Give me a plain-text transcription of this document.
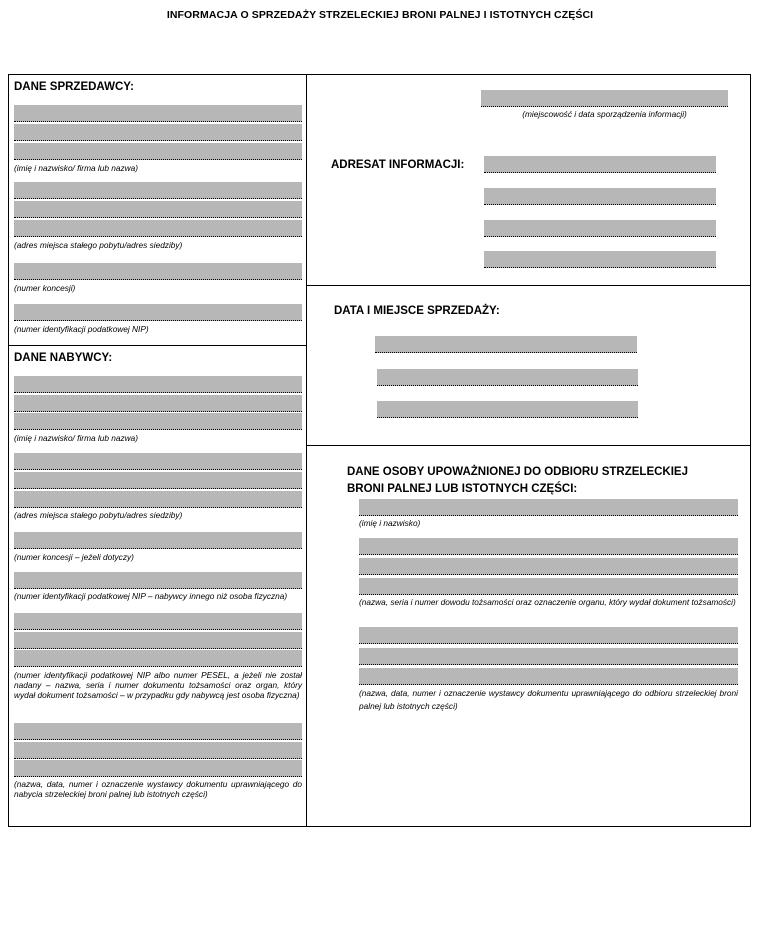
INFORMACJA O SPRZEDAŻY STRZELECKIEJ BRONI PALNEJ I ISTOTNYCH CZĘŚCI
DANE SPRZEDAWCY:
(imię i nazwisko/ firma lub nazwa)
(adres miejsca stałego pobytu/adres siedziby)
(numer koncesji)
(numer identyfikacji podatkowej NIP)
DANE NABYWCY:
(imię i nazwisko/ firma lub nazwa)
(adres miejsca stałego pobytu/adres siedziby)
(numer koncesji – jeżeli dotyczy)
(numer identyfikacji podatkowej NIP – nabywcy innego niż osoba fizyczna)
(numer identyfikacji podatkowej NIP albo numer PESEL, a jeżeli nie został nadany – nazwa, seria i numer dokumentu tożsamości oraz organ, który wydał dokument tożsamości – w przypadku gdy nabywcą jest osoba fizyczna)
(nazwa, data, numer i oznaczenie wystawcy dokumentu uprawniającego do nabycia strzeleckiej broni palnej lub istotnych części)
(miejscowość i data sporządzenia informacji)
ADRESAT INFORMACJI:
DATA I MIEJSCE SPRZEDAŻY:
DANE OSOBY UPOWAŻNIONEJ DO ODBIORU STRZELECKIEJ
BRONI PALNEJ LUB ISTOTNYCH CZĘŚCI:
(imię i nazwisko)
(nazwa, seria i numer dowodu tożsamości oraz oznaczenie organu, który wydał dokument tożsamości)
(nazwa, data, numer i oznaczenie wystawcy dokumentu uprawniającego do odbioru strzeleckiej broni palnej lub istotnych części)
